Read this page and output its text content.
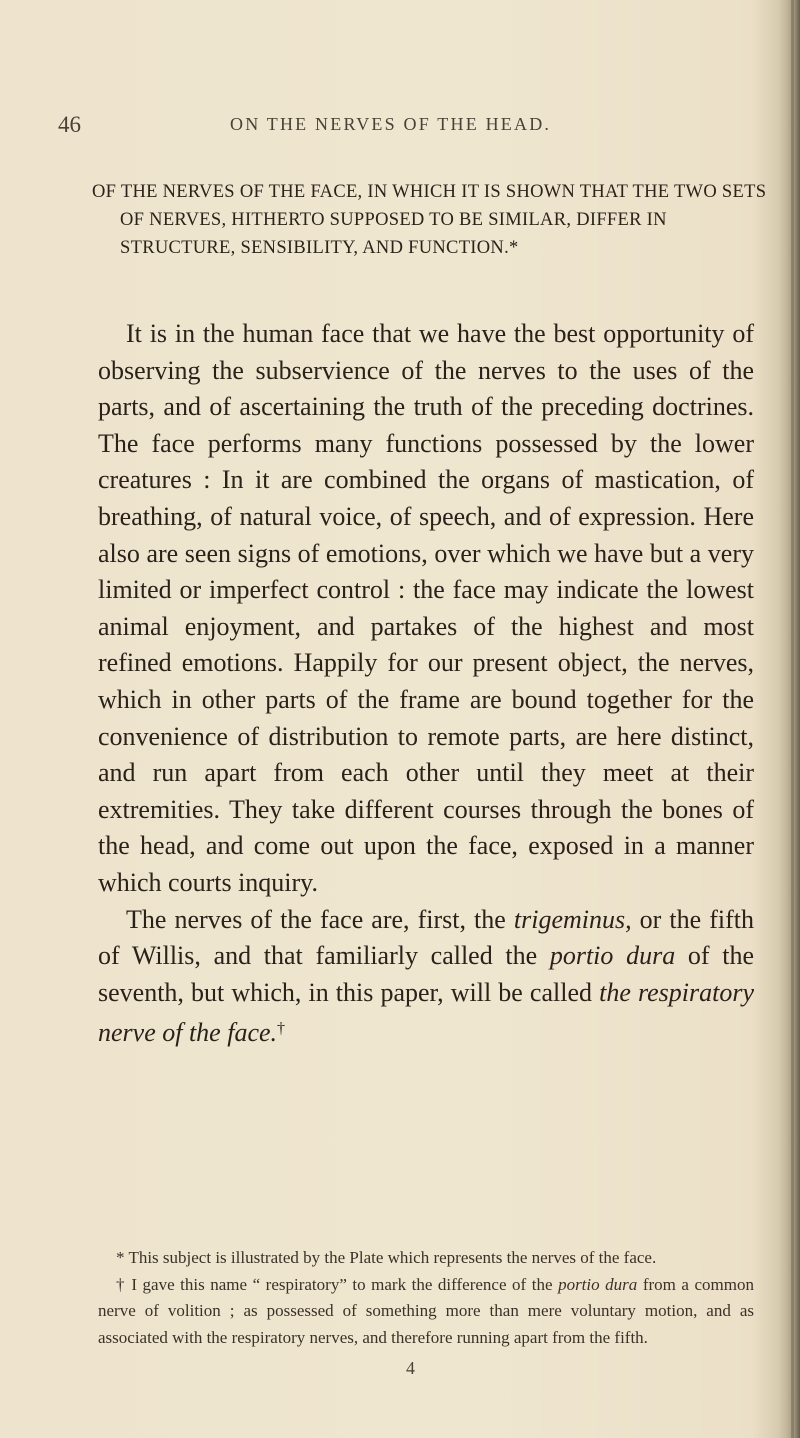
46	ON THE NERVES OF THE HEAD.
OF THE NERVES OF THE FACE, IN WHICH IT IS SHOWN THAT THE TWO SETS OF NERVES, HITHERTO SUPPOSED TO BE SIMILAR, DIFFER IN STRUCTURE, SENSIBILITY, AND FUNCTION.*

It is in the human face that we have the best opportunity of observing the subservience of the nerves to the uses of the parts, and of ascertaining the truth of the preceding doctrines. The face performs many functions possessed by the lower creatures : In it are combined the organs of mastication, of breathing, of natural voice, of speech, and of expression. Here also are seen signs of emotions, over which we have but a very limited or imperfect control : the face may indicate the lowest animal enjoyment, and partakes of the highest and most refined emotions. Happily for our present object, the nerves, which in other parts of the frame are bound together for the convenience of distribution to remote parts, are here distinct, and run apart from each other until they meet at their extremities. They take different courses through the bones of the head, and come out upon the face, exposed in a manner which courts inquiry.

The nerves of the face are, first, the trigeminus, or the fifth of Willis, and that familiarly called the portio dura of the seventh, but which, in this paper, will be called the respiratory nerve of the face.†

* This subject is illustrated by the Plate which represents the nerves of the face.

† I gave this name “ respiratory” to mark the difference of the portio dura from a common nerve of volition ; as possessed of something more than mere voluntary motion, and as associated with the respiratory nerves, and therefore running apart from the fifth.

4
